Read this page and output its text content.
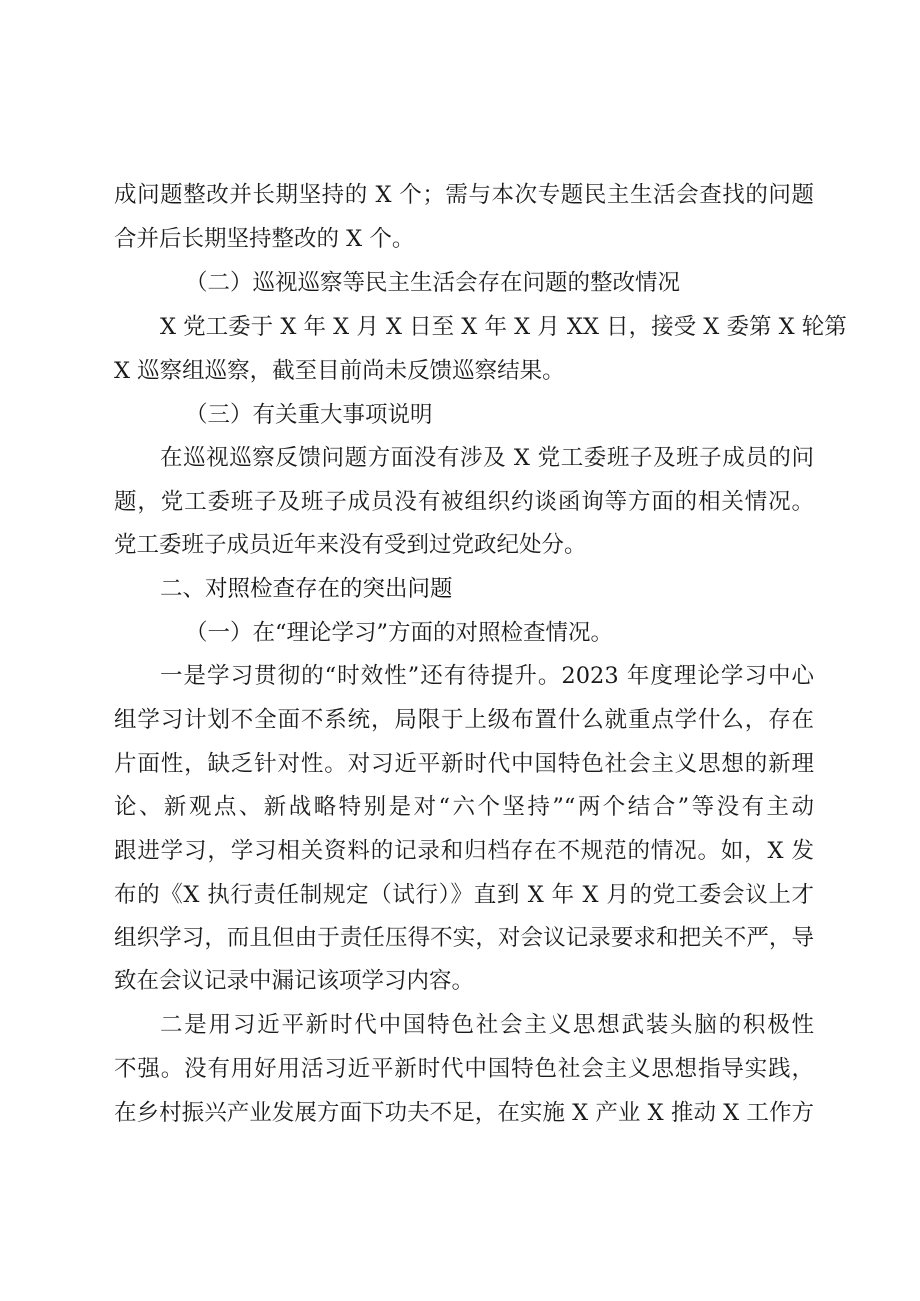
成问题整改并长期坚持的 X 个；需与本次专题民主生活会查找的问题

合并后长期坚持整改的 X 个。

（二）巡视巡察等民主生活会存在问题的整改情况

X 党工委于 X 年 X 月 X 日至 X 年 X 月 XX 日，接受 X 委第 X 轮第

X 巡察组巡察，截至目前尚未反馈巡察结果。

（三）有关重大事项说明

在巡视巡察反馈问题方面没有涉及 X 党工委班子及班子成员的问

题，党工委班子及班子成员没有被组织约谈函询等方面的相关情况。

党工委班子成员近年来没有受到过党政纪处分。

二、对照检查存在的突出问题

（一）在“理论学习”方面的对照检查情况。

一是学习贯彻的“时效性”还有待提升。2023 年度理论学习中心

组学习计划不全面不系统，局限于上级布置什么就重点学什么，存在

片面性，缺乏针对性。对习近平新时代中国特色社会主义思想的新理

论、新观点、新战略特别是对“六个坚持”“两个结合”等没有主动

跟进学习，学习相关资料的记录和归档存在不规范的情况。如，X 发

布的《X 执行责任制规定（试行）》直到 X 年 X 月的党工委会议上才

组织学习，而且但由于责任压得不实，对会议记录要求和把关不严，导

致在会议记录中漏记该项学习内容。

二是用习近平新时代中国特色社会主义思想武装头脑的积极性

不强。没有用好用活习近平新时代中国特色社会主义思想指导实践，

在乡村振兴产业发展方面下功夫不足，在实施 X 产业 X 推动 X 工作方
